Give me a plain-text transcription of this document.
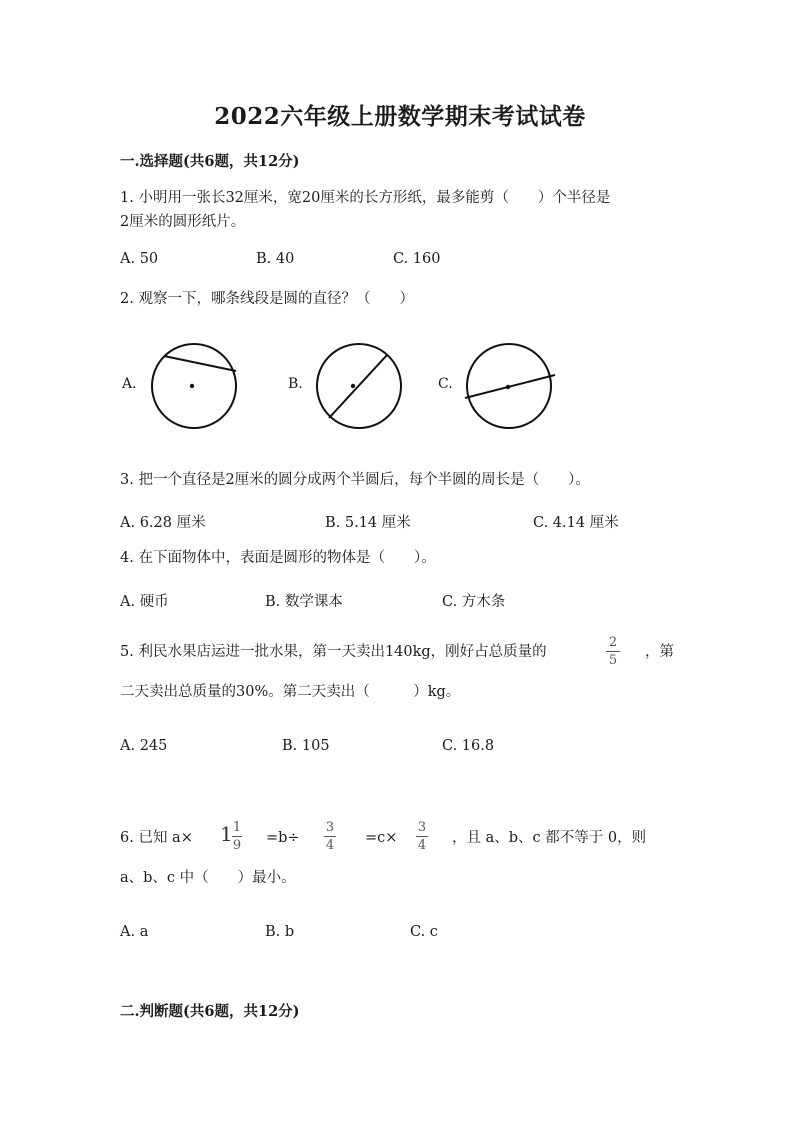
2022六年级上册数学期末考试试卷
一.选择题(共6题，共12分)
1. 小明用一张长32厘米，宽20厘米的长方形纸，最多能剪（　　）个半径是
2厘米的圆形纸片。
A. 50	B. 40	C. 160
2. 观察一下，哪条线段是圆的直径？（　　）
A.	B.	C.
3. 把一个直径是2厘米的圆分成两个半圆后，每个半圆的周长是（　　）。
A. 6.28 厘米	B. 5.14 厘米	C. 4.14 厘米
4. 在下面物体中，表面是圆形的物体是（　　）。
A. 硬币	B. 数学课本	C. 方木条
5. 利民水果店运进一批水果，第一天卖出140kg，刚好占总质量的
2
5
，第
二天卖出总质量的30%。第二天卖出（　　　）kg。
A. 245	B. 105	C. 16.8
6. 已知 a× 1 1
9 =b÷
3
4 =c×
3
4 ，且 a、b、c 都不等于 0，则
a、b、c 中（　　）最小。
A. a	B. b	C. c
二.判断题(共6题，共12分)
